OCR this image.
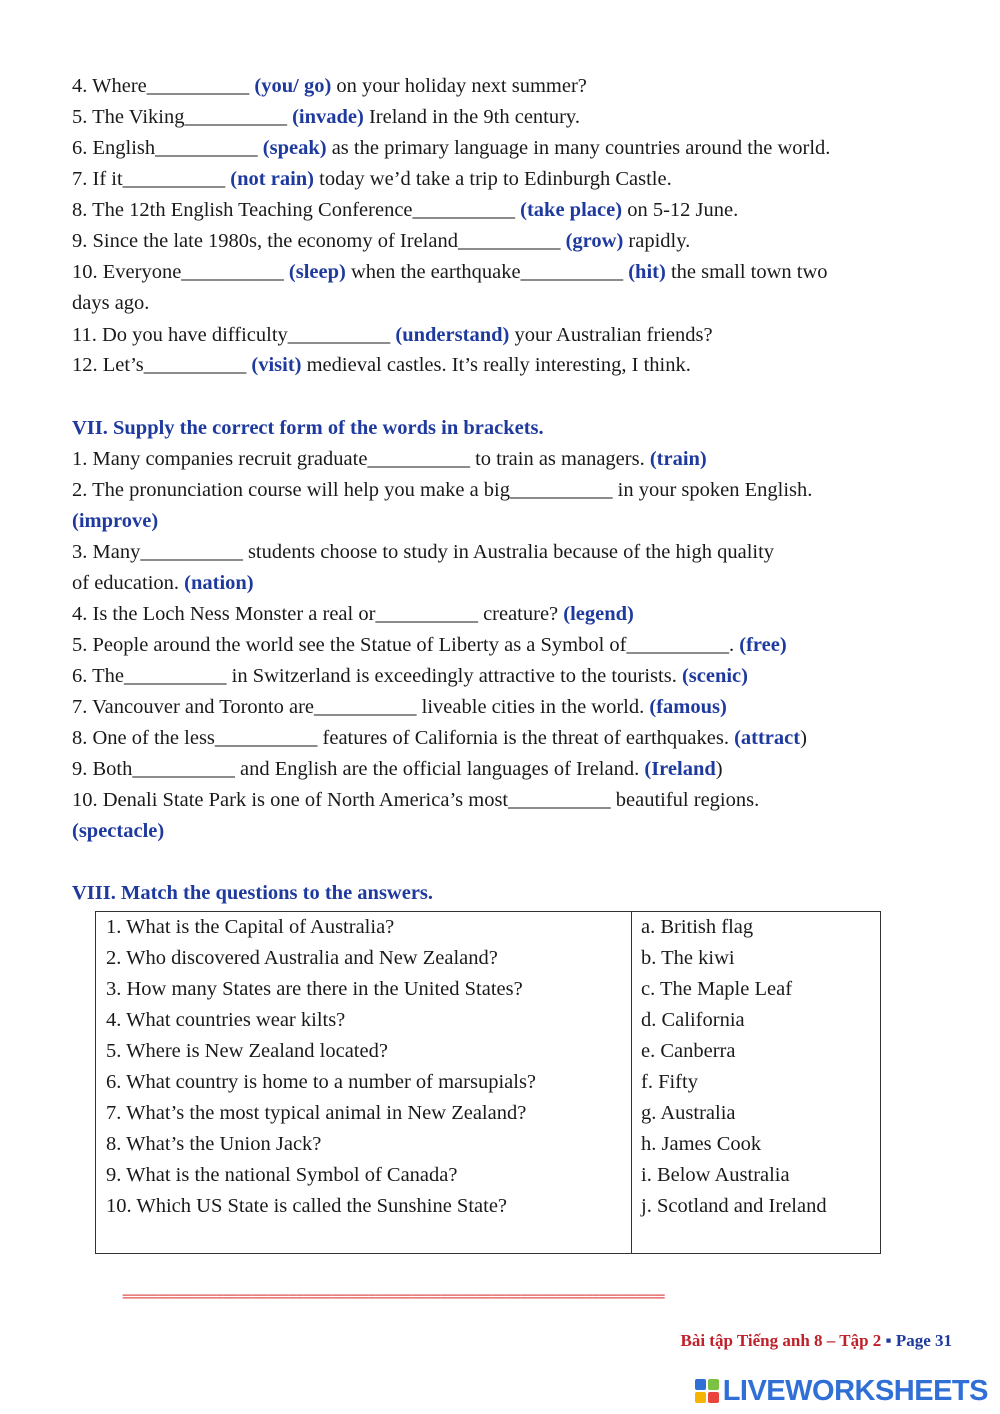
4. Where__________ (you/ go) on your holiday next summer?
5. The Viking__________ (invade) Ireland in the 9th century.
6. English__________ (speak) as the primary language in many countries around the world.
7. If it__________ (not rain) today we’d take a trip to Edinburgh Castle.
8. The 12th English Teaching Conference__________ (take place) on 5-12 June.
9. Since the late 1980s, the economy of Ireland__________ (grow) rapidly.
10. Everyone__________ (sleep) when the earthquake__________ (hit) the small town two
days ago.
11. Do you have difficulty__________ (understand) your Australian friends?
12. Let’s__________ (visit) medieval castles. It’s really interesting, I think.
VII. Supply the correct form of the words in brackets.
1. Many companies recruit graduate__________ to train as managers. (train)
2. The pronunciation course will help you make a big__________ in your spoken English.
(improve)
3. Many__________ students choose to study in Australia because of the high quality
of education. (nation)
4. Is the Loch Ness Monster a real or__________ creature? (legend)
5. People around the world see the Statue of Liberty as a Symbol of__________. (free)
6. The__________ in Switzerland is exceedingly attractive to the tourists. (scenic)
7. Vancouver and Toronto are__________ liveable cities in the world. (famous)
8. One of the less__________ features of California is the threat of earthquakes. (attract)
9. Both__________ and English are the official languages of Ireland. (Ireland)
10. Denali State Park is one of North America’s most__________ beautiful regions.
(spectacle)
VIII. Match the questions to the answers.
1. What is the Capital of Australia?
2. Who discovered Australia and New Zealand?
3. How many States are there in the United States?
4. What countries wear kilts?
5. Where is New Zealand located?
6. What country is home to a number of marsupials?
7. What’s the most typical animal in New Zealand?
8. What’s the Union Jack?
9. What is the national Symbol of Canada?
10. Which US State is called the Sunshine State?
a. British flag
b. The kiwi
c. The Maple Leaf
d. California
e. Canberra
f. Fifty
g. Australia
h. James Cook
i. Below Australia
j. Scotland and Ireland
===========================================================================
Bài tập Tiếng anh 8 – Tập 2 ▪ Page 31
LIVEWORKSHEETS
